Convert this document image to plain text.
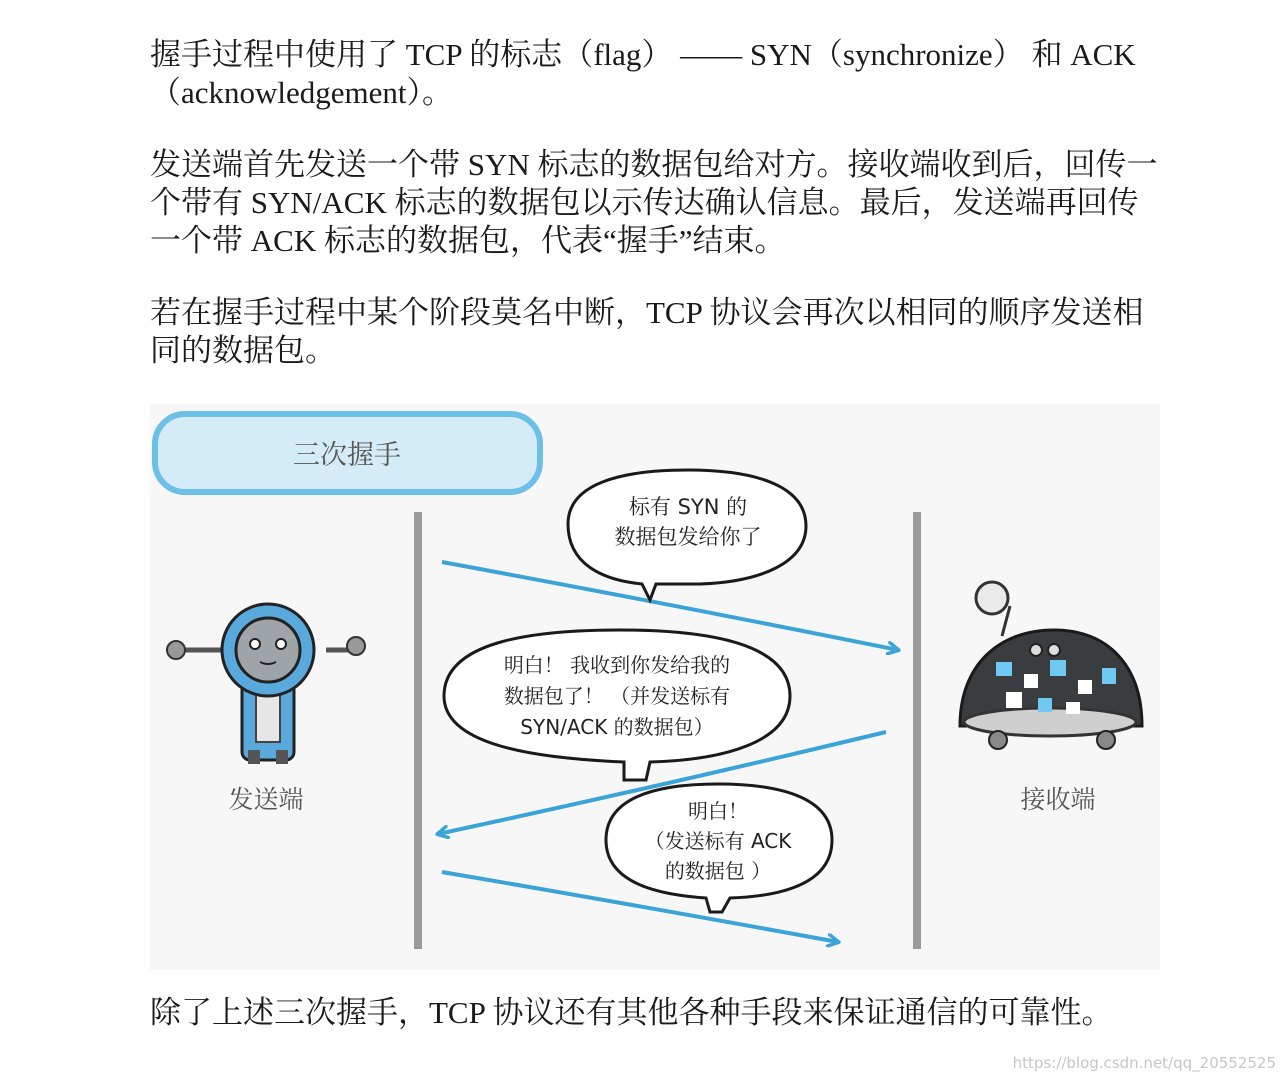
握手过程中使用了 TCP 的标志（flag） —— SYN（synchronize） 和 ACK（acknowledgement）。

发送端首先发送一个带 SYN 标志的数据包给对方。接收端收到后，回传一个带有 SYN/ACK 标志的数据包以示传达确认信息。最后，发送端再回传一个带 ACK 标志的数据包，代表“握手”结束。

若在握手过程中某个阶段莫名中断，TCP 协议会再次以相同的顺序发送相同的数据包。

三次握手
标有 SYN 的
数据包发给你了
明白！ 我收到你发给我的
数据包了！ （并发送标有
SYN/ACK 的数据包）
明白！
（发送标有 ACK
的数据包 ）
发送端	接收端

除了上述三次握手，TCP 协议还有其他各种手段来保证通信的可靠性。

https://blog.csdn.net/qq_20552525
